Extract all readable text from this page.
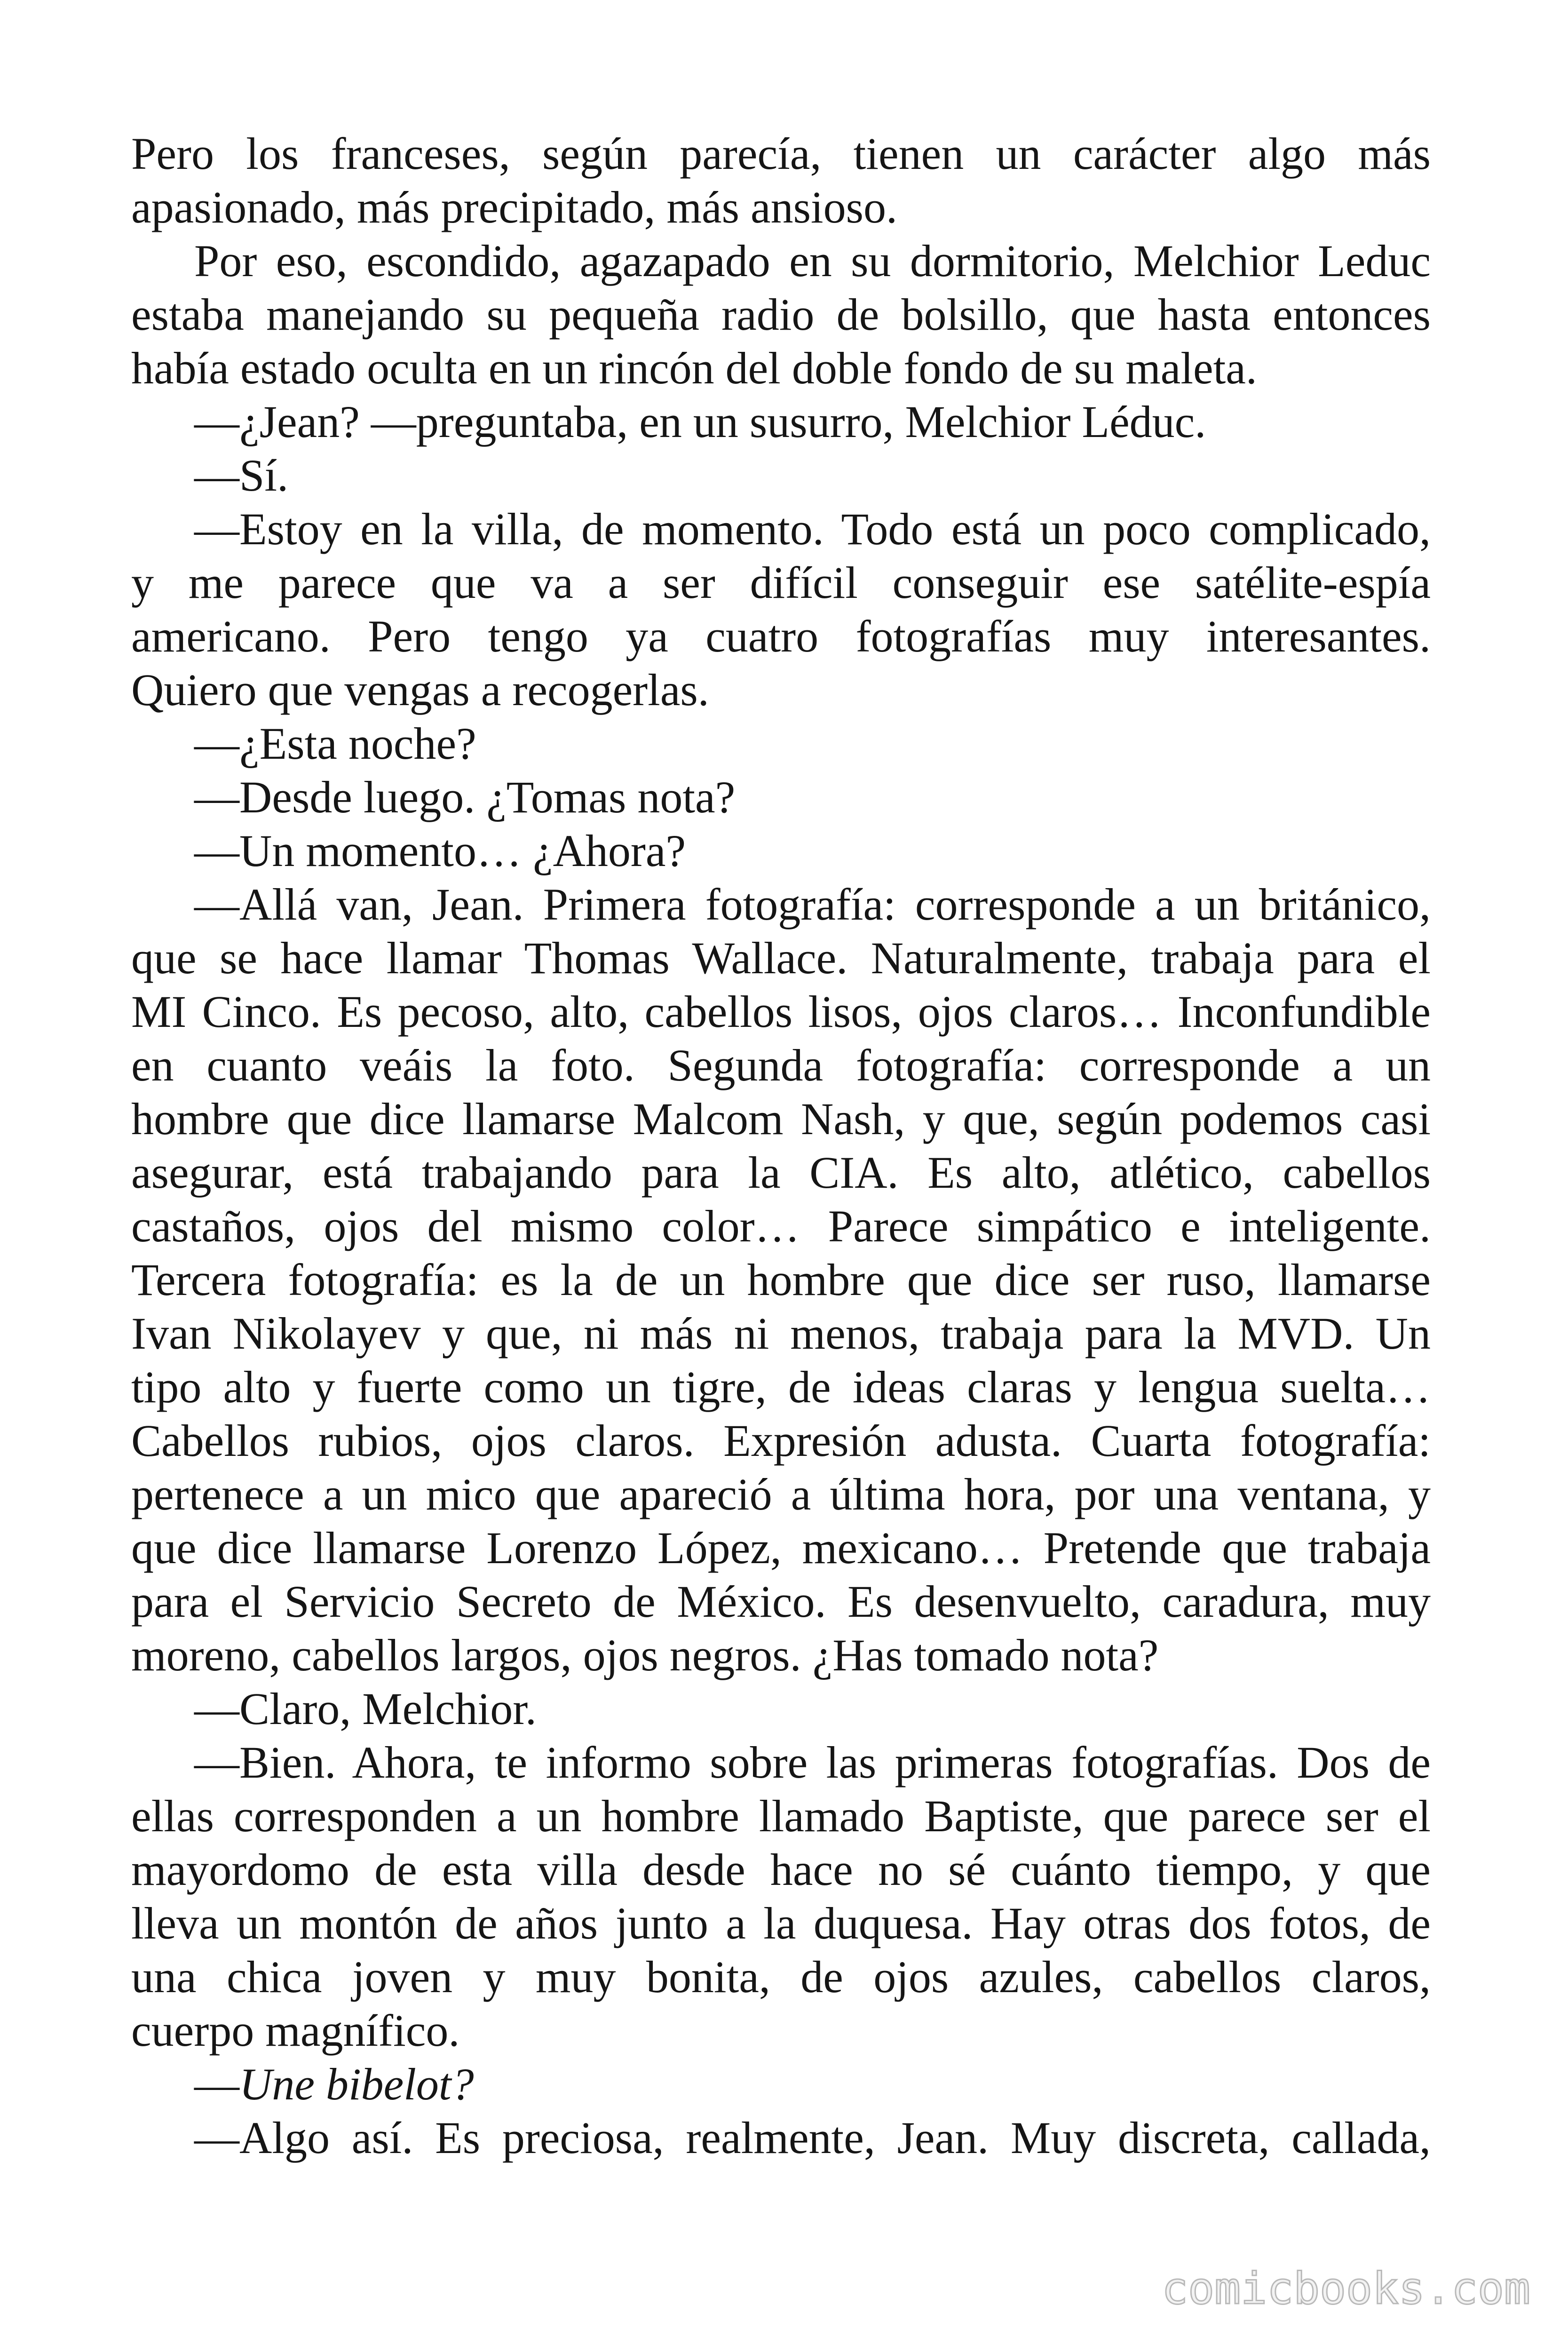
Pero los franceses, según parecía, tienen un carácter algo más
apasionado, más precipitado, más ansioso.
Por eso, escondido, agazapado en su dormitorio, Melchior Leduc
estaba manejando su pequeña radio de bolsillo, que hasta entonces
había estado oculta en un rincón del doble fondo de su maleta.
—¿Jean? —preguntaba, en un susurro, Melchior Léduc.
—Sí.
—Estoy en la villa, de momento. Todo está un poco complicado,
y me parece que va a ser difícil conseguir ese satélite-espía
americano. Pero tengo ya cuatro fotografías muy interesantes.
Quiero que vengas a recogerlas.
—¿Esta noche?
—Desde luego. ¿Tomas nota?
—Un momento… ¿Ahora?
—Allá van, Jean. Primera fotografía: corresponde a un británico,
que se hace llamar Thomas Wallace. Naturalmente, trabaja para el
MI Cinco. Es pecoso, alto, cabellos lisos, ojos claros… Inconfundible
en cuanto veáis la foto. Segunda fotografía: corresponde a un
hombre que dice llamarse Malcom Nash, y que, según podemos casi
asegurar, está trabajando para la CIA. Es alto, atlético, cabellos
castaños, ojos del mismo color… Parece simpático e inteligente.
Tercera fotografía: es la de un hombre que dice ser ruso, llamarse
Ivan Nikolayev y que, ni más ni menos, trabaja para la MVD. Un
tipo alto y fuerte como un tigre, de ideas claras y lengua suelta…
Cabellos rubios, ojos claros. Expresión adusta. Cuarta fotografía:
pertenece a un mico que apareció a última hora, por una ventana, y
que dice llamarse Lorenzo López, mexicano… Pretende que trabaja
para el Servicio Secreto de México. Es desenvuelto, caradura, muy
moreno, cabellos largos, ojos negros. ¿Has tomado nota?
—Claro, Melchior.
—Bien. Ahora, te informo sobre las primeras fotografías. Dos de
ellas corresponden a un hombre llamado Baptiste, que parece ser el
mayordomo de esta villa desde hace no sé cuánto tiempo, y que
lleva un montón de años junto a la duquesa. Hay otras dos fotos, de
una chica joven y muy bonita, de ojos azules, cabellos claros,
cuerpo magnífico.
—Une bibelot?
—Algo así. Es preciosa, realmente, Jean. Muy discreta, callada,
comicbooks.com
